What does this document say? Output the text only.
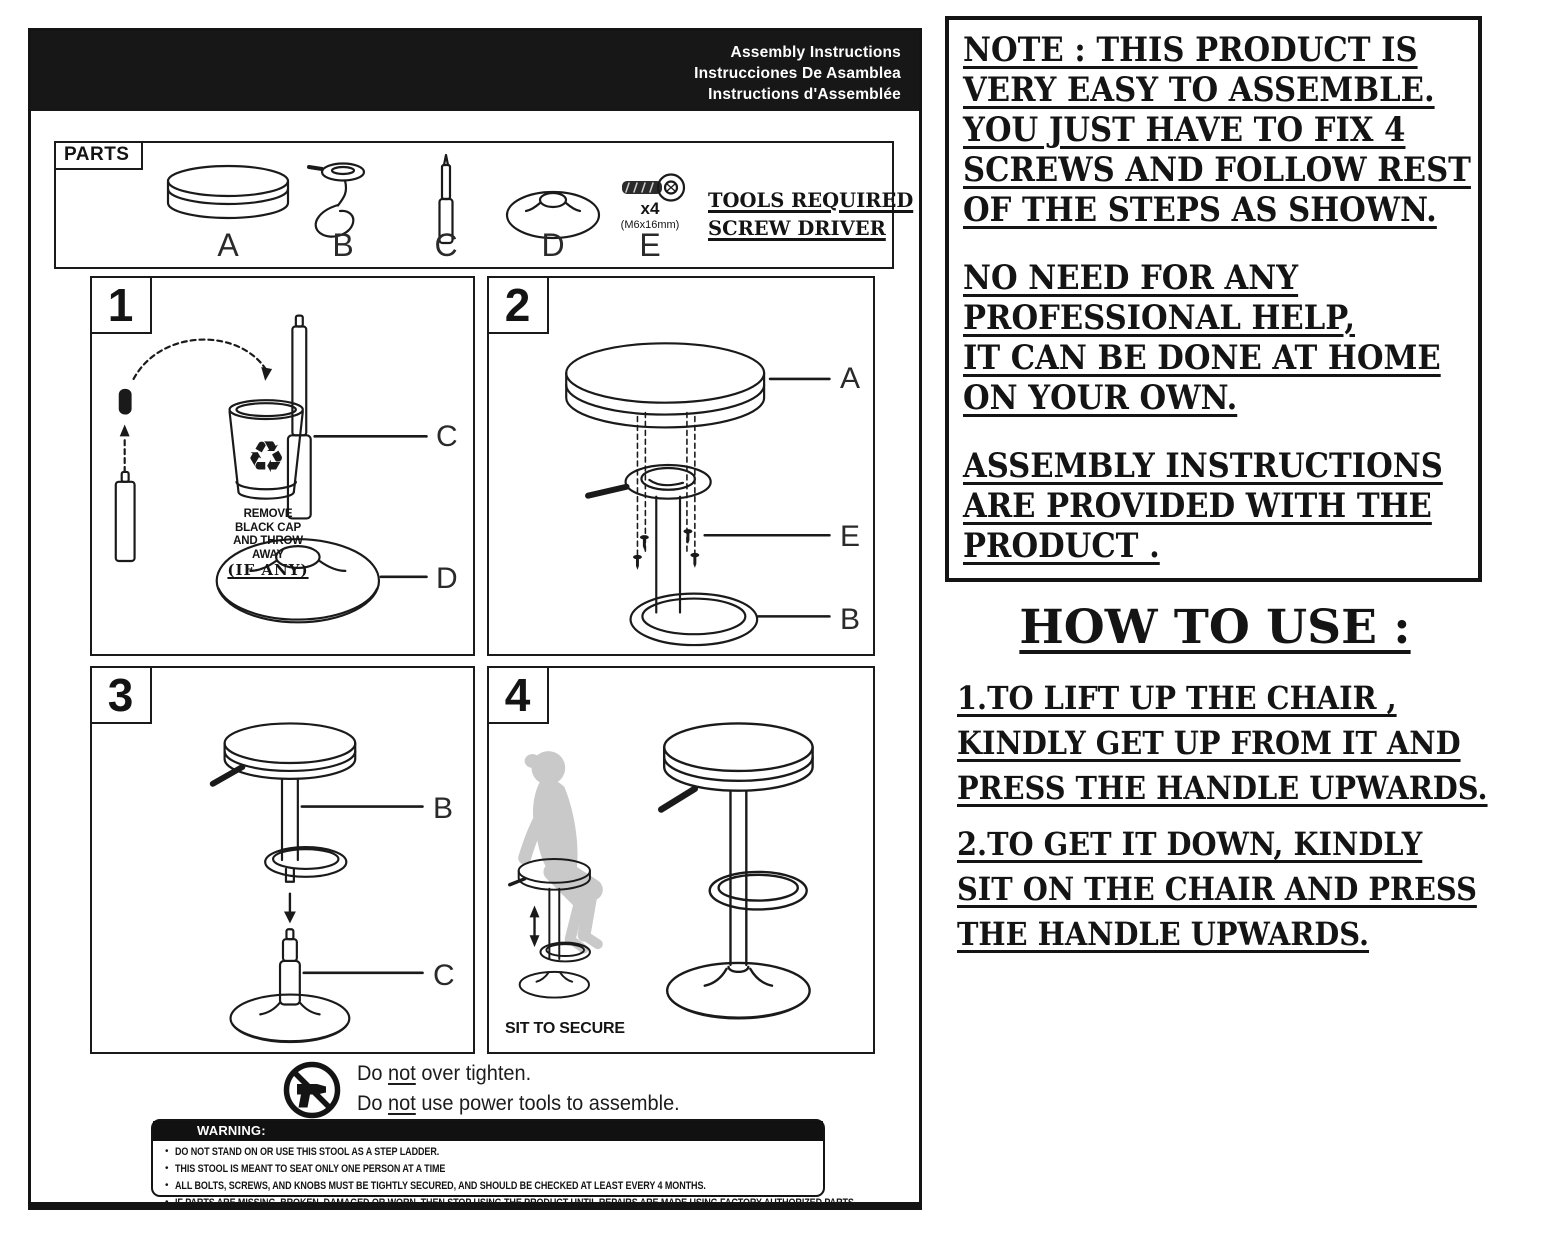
Assembly Instructions
Instrucciones De Asamblea
Instructions d'Assemblée
PARTS
A	B	C	D
x4
(M6x16mm)
E
TOOLS REQUIRED
SCREW DRIVER
1
♻
REMOVE
BLACK CAP
AND THROW
AWAY
(IF ANY)
C
D
2
A
E
B
3
B
C
4
SIT TO SECURE
Do not over tighten.
Do not use power tools to assemble.
WARNING:
• DO NOT STAND ON OR USE THIS STOOL AS A STEP LADDER.
• THIS STOOL IS MEANT TO SEAT ONLY ONE PERSON AT A TIME
• ALL BOLTS, SCREWS, AND KNOBS MUST BE TIGHTLY SECURED, AND SHOULD BE CHECKED AT LEAST EVERY 4 MONTHS.
• IF PARTS ARE MISSING, BROKEN, DAMAGED OR WORN, THEN STOP USING THE PRODUCT UNTIL REPAIRS ARE MADE USING FACTORY AUTHORIZED PARTS.
NOTE : THIS PRODUCT IS
VERY EASY TO ASSEMBLE.
YOU JUST HAVE TO FIX 4
SCREWS AND FOLLOW REST
OF THE STEPS AS SHOWN.
NO NEED FOR ANY
PROFESSIONAL HELP,
IT CAN BE DONE AT HOME
ON YOUR OWN.
ASSEMBLY INSTRUCTIONS
ARE PROVIDED WITH THE
PRODUCT .
HOW TO USE :
1.TO LIFT UP THE CHAIR ,
KINDLY GET UP FROM IT AND
PRESS THE HANDLE UPWARDS.
2.TO GET IT DOWN, KINDLY
SIT ON THE CHAIR AND PRESS
THE HANDLE UPWARDS.
